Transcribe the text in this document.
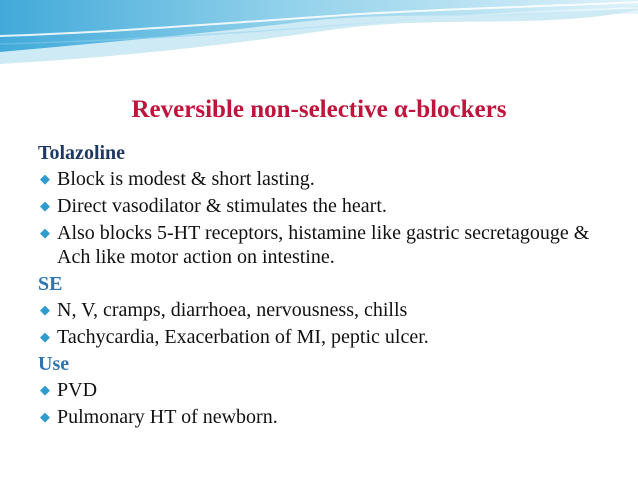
Reversible non-selective α-blockers
Tolazoline
◆ Block is modest & short lasting.
◆ Direct vasodilator & stimulates the heart.
◆ Also blocks 5-HT receptors, histamine like gastric secretagouge & Ach like motor action on intestine.
SE
◆ N, V, cramps, diarrhoea, nervousness, chills
◆ Tachycardia, Exacerbation of MI, peptic ulcer.
Use
◆ PVD
◆ Pulmonary HT of newborn.
